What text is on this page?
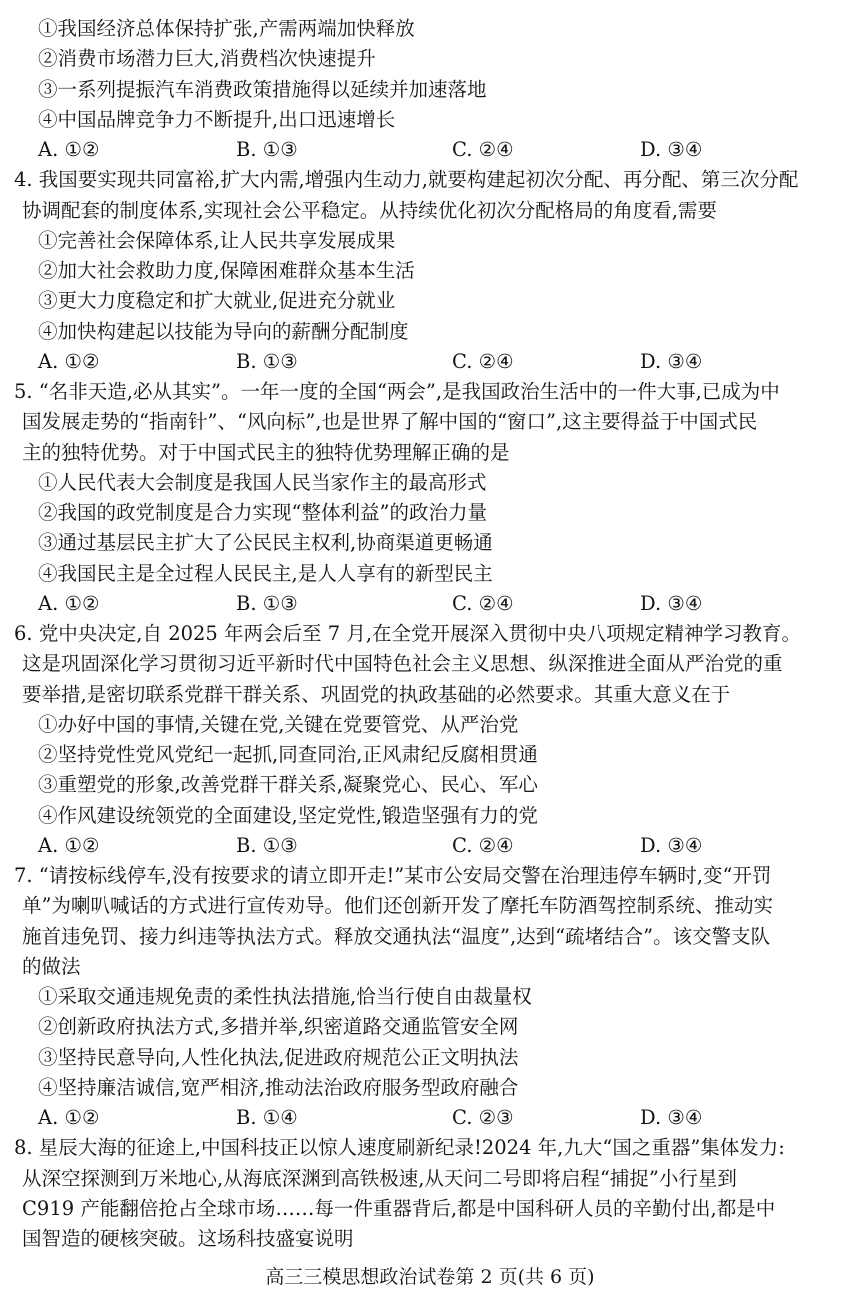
①我国经济总体保持扩张,产需两端加快释放
②消费市场潜力巨大,消费档次快速提升
③一系列提振汽车消费政策措施得以延续并加速落地
④中国品牌竞争力不断提升,出口迅速增长
A. ①②	B. ①③	C. ②④	D. ③④
4. 我国要实现共同富裕,扩大内需,增强内生动力,就要构建起初次分配、再分配、第三次分配
协调配套的制度体系,实现社会公平稳定。从持续优化初次分配格局的角度看,需要
①完善社会保障体系,让人民共享发展成果
②加大社会救助力度,保障困难群众基本生活
③更大力度稳定和扩大就业,促进充分就业
④加快构建起以技能为导向的薪酬分配制度
A. ①②	B. ①③	C. ②④	D. ③④
5. “名非天造,必从其实”。一年一度的全国“两会”,是我国政治生活中的一件大事,已成为中
国发展走势的“指南针”、“风向标”,也是世界了解中国的“窗口”,这主要得益于中国式民
主的独特优势。对于中国式民主的独特优势理解正确的是
①人民代表大会制度是我国人民当家作主的最高形式
②我国的政党制度是合力实现“整体利益”的政治力量
③通过基层民主扩大了公民民主权利,协商渠道更畅通
④我国民主是全过程人民民主,是人人享有的新型民主
A. ①②	B. ①③	C. ②④	D. ③④
6. 党中央决定,自 2025 年两会后至 7 月,在全党开展深入贯彻中央八项规定精神学习教育。
这是巩固深化学习贯彻习近平新时代中国特色社会主义思想、纵深推进全面从严治党的重
要举措,是密切联系党群干群关系、巩固党的执政基础的必然要求。其重大意义在于
①办好中国的事情,关键在党,关键在党要管党、从严治党
②坚持党性党风党纪一起抓,同查同治,正风肃纪反腐相贯通
③重塑党的形象,改善党群干群关系,凝聚党心、民心、军心
④作风建设统领党的全面建设,坚定党性,锻造坚强有力的党
A. ①②	B. ①③	C. ②④	D. ③④
7. “请按标线停车,没有按要求的请立即开走!”某市公安局交警在治理违停车辆时,变“开罚
单”为喇叭喊话的方式进行宣传劝导。他们还创新开发了摩托车防酒驾控制系统、推动实
施首违免罚、接力纠违等执法方式。释放交通执法“温度”,达到“疏堵结合”。该交警支队
的做法
①采取交通违规免责的柔性执法措施,恰当行使自由裁量权
②创新政府执法方式,多措并举,织密道路交通监管安全网
③坚持民意导向,人性化执法,促进政府规范公正文明执法
④坚持廉洁诚信,宽严相济,推动法治政府服务型政府融合
A. ①②	B. ①④	C. ②③	D. ③④
8. 星辰大海的征途上,中国科技正以惊人速度刷新纪录!2024 年,九大“国之重器”集体发力:
从深空探测到万米地心,从海底深渊到高铁极速,从天问二号即将启程“捕捉”小行星到
C919 产能翻倍抢占全球市场……每一件重器背后,都是中国科研人员的辛勤付出,都是中
国智造的硬核突破。这场科技盛宴说明
高三三模思想政治试卷第 2 页(共 6 页)
